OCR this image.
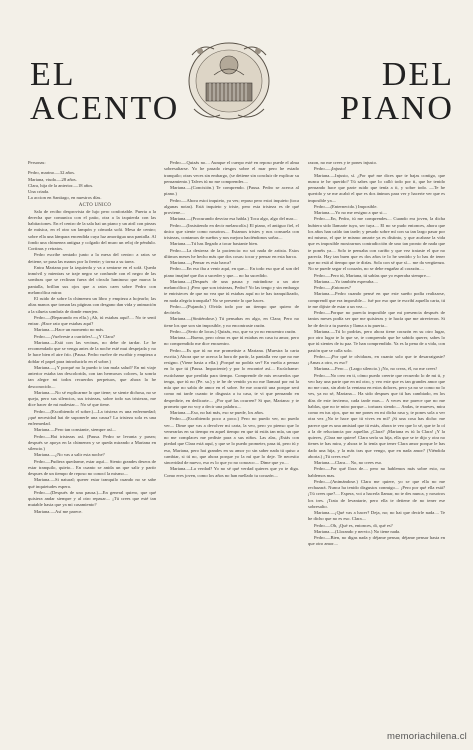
EL ACENTO
DEL PIANO

Personas:

Pedro, marino.—32 años.

Mariana, viuda.—28 años.

Clara, hija de la anterior.—18 años.

Una criada.

La accion en Santiago, en nuestros días.

ACTO UNICO

Sala de recibo desprovista de lujo pero confortable. Puerta a la derecha que comunica con el patio, otra a la izquierda con las habitaciones. En el centro de la sala hai un piano y un atril con piezas de música, en el otro un lampón y cómoda sofá. Mesa de centro; sobre ella una lámpara encendida cuya luz amortigua una pantalla. Al fondo una chimenea antigua y colgado del muro un reloj de péndulo. Cortinas y retratos.

Pedro escribe sentado junto a la mesa del centro: a ratos se detiene, se pasa las manos por la frente; y torna a su tarea.

Entra Mariana por la izquierda y va a sentarse en el sofá. Queda inmóvil y mientras se traje negro se confunde con el negro de las sombras que se reclinan fuera del círculo luminoso que marca la pantalla, brillan sus ojos que a ratos caen sobre Pedro con melancólica mirar.

El ruido de sobre la chimenea un libro y empieza a hojearlo; las altas manos que toman las páginas con desgano dan vida y animación a la silueta sombría de donde emerjen.

Pedro.—(Reparando en ella.) ¡Ah, tú estabas aquí!.... No te sentí entrar. ¡Hace rato que estabas aquí?

Mariana.—Hace un momento no más.

Pedro.—¡Vuelveste a currárles!—¿Y Clara?

Mariana.—Está con las vecinas, no debe de tardar. Le he recomendado que se venga antes de la noche esté mui despejada y no le hace bien el aire frío. (Pausa. Pedro vuelve de escribir y empieza a doblar el papel para introducirlo en el sobre.)

Mariana.—¡Y porqué no la puedo ir tan mala salud? En mi viaje anterior estaba tan descolorida, con tan hermosos colores, la sonría tan alegre mi todos recuerdos perpetuos, que ahora la he desconocido....

Mariana.—No sé explicarme lo que tiene; se siente dichosa, no se queja, pero sus silencios, sus tristezas, sobre todo sus tristezas, me dice hacer de mi malestar.... No sé que tiene.

Pedro.—(Escribiendo el sobre.)—La tristeza es una enfermedad; ¡qué necesidad hai de suponerle una causa? La tristeza sola es una enfermedad.

Mariana.—Pero tan constante, siempre así....

Pedro.—Hai tristezas así. (Pausa. Pedro se levanta y pasea; después se apoya en la chimenea y se queda mirando a Mariana en silencio.)

Mariana.—¿No vas a salir esta noche?

Pedro.—Pudiera quedarme, estar aquí.... Siento grandes deseos de estar tranquilo, quieto... En cuanto se anida un que salir y partir despues de un tiempo de reposo no conocí la mismo....

Mariana.—Si natural; querer estar tranquilo cuando no se sabe qué inquietudes espera.

Pedro.—(Después de una pausa.)—En general quiero, que qué quisiera andar siempre y al otro repasar.... ¡Tú crees que esté tan mutable hasta que ya mi casamiento?

Mariana.—Así me parece.

Pedro.—Quizás no.... Aunque el cuerpo esté en reposo puede el alma sobresaltarse. Yo he pasado riesgos sobre el mar pero he estado tranquilo; otras veces sin embargo, (se detiene sin concluir de explicar su pensamiento.) Talves tú no me comprendes....

Mariana.—(Concisión.) Te comprendo. (Pausa. Pedro se acerca al piano.)

Pedro.—Ahora estoi inquieto, ya ves; repaso pero estoi inquieto (toca algunas notas). Está inquieto y triste, pero esta tristeza es de qué proviene....

Mariana.—(Procurando desviar esa habla.) Toca algo, algo del mar....

Pedro.—(Insistiendo en decir melancolía.) El piano, el antiguo fiel, el único que siente como nosotros.... Estamos tristes y nos consuela con tristezas, contamos de sueños y nos mejora hacíéndonos soñar....

Mariana.—Tú has llegado a tocar bastante bien.

Pedro.—La destreza de la paciencia: no soi nada de artista. Estos últimos meses he hecho más que dos cosas: tocar y pensar en esta barca.

Mariana.—¡Pensar es esta barca?

Pedro.—En eso iba a venir aquí, en que.... En todo eso que al son del piano imajiné que iba a suceder y que.... no ha sucedido.

Mariana.—(Después de una pausa y mirándose a un aire melancólico.) ¡Pero que son tristezas, Pedro? Yo las tengo y sin embargo te entristeces de que no vea que tú estabas aquí no te has tranquilizado, en nada alegría tranquila? No se presente lo que haces.

Pedro.—(Pujando.) Olvida todo por un tiempo que quiero de decírtelo.

Mariana.—(Sintiéndose.) Tú pensabas en algo, en Clara; Pero no tiene los que son sin imposible, y no encontraste razón.

Pedro.—(Serio de locas.) Quizás, eso, que va yo no encuentro razón.

Mariana.—Bueno, pero cómo es que tú estabas en casa tu amor, pero no comprendido me dice encuentro.

Pedro.—Es que tú no me prometiste a Mariana. (Muestra la carta escrita.) Ahora que se acerca la hora de partir, la pantalla vez que no me resigno. (Viene hasta a ella.) ¡Porqué no podría ser? En vuelta a pensar en lo que tú (Pausa. Impaciente) y por lo encontré así.... Escúchame: escúchame que perdida para tiempo. Comprende de mis recuerdos que tengo, que tú no (Pe. sa.) y te he de venido ya no me llamará por mi la mía que no sabía de amor en el sobre. Se me ocurrió una porque será como mi tarde cuanto te disgusta a tu casa, te vi que pensando en despedirte, en dedicarte.... ¿Por qué las ocurren? Si que, Mariana: y te prometo que no voy a decir una palabra....

Mariana.—Eso, no hai más, eso se puede, los años.

Pedro.—(Escribiendo poco a poco.) Pero no puedo ver, no puedo ver.... Dime que vas a devolver mi carta, la veo, pero yo pienso que lo venerarías en su tiempo en aquel tiempo en que tú estás tan mía, un que no me complaces me pediste para a sus niños. Las alas, ¡Estás con piedad que Clara está aquí, y que se lo puedo prometer, pasa tú, pero tú y eso, Mariana, pero hai grandes en su amor yo sin saber nada tú quiso a cambiar, si tú no, que ahora porque yo la mí que lo deje. Te necesito sinceridad de nuevo, eso es lo que yo no conozco.... Dime que yo....

Mariana.—La verdad? Yo no sé qué verdad quieres que yo te diga. Como eres joven, como los años no han mellado tu corazón....

razon, no me crees y te pones injusto.

Pedro.—¡Injusto!

Mariana.—Injusto, sí. ¿Por qué me dices que te bajas contigo, que nunca te he querido? Tú sabes que lo calló todo por ti, que he tenido pensando hace que parte ruido que tenía a ti, y sobre todo. —Te he querido y se me acabó el que es dos ánimos para ver y hacerte ver que es imposible ya....

Pedro.—(Enternecido.) Imposible.

Mariana.—Yo no me resigno a que si....

Pedro.—En, Pedro, tú me comprendes.... Cuando era joven, la dicha hubiera sido llamarte tuya, ser tuya.... El no se pudo entonces, ahora que los años han caído tan tarde; y pesado sobre mí con su tan largo pasar por mí mismo, el que te mismo amarte ya es distinto, y que acabase la vida que es imposible mostrarnos contradicción de uno tan pronto de nada que te ponéis ya.... Solo te pensaba con cariño y que vez trataste el que no parecía. Hay tan buen que es dos años te lo he sentido y lo has de tener que no está al tiempo que te dirías. Sola con sé que sí.... me da vergüenza. No se puede segar el corazón, no se debe engañar al corazón....

Pedro.—Pero tú, Mariana, tú sabías que yo esperaba siempre....

Mariana.—Yo también esperaba....

Pedro.—¡Entonces?

Mariana.—Pedro cuando pensé en que este sueño podía realizarse, comprendí que era imposible.... fué por eso que te escribí aquella carta, tú te me dijiste de estar a un vez....

Pedro.—Porque no parecía imposible que mi presencia después de tantos meses podía ser que me quisieras y te hacía que me atrevieron. Si he de decir a tu puerta y llama a tu puerta...

Mariana.—Tú lo podrías, pero ahora tiene corazón en su otro lugar, por otro lugar te lo que se, te comprendo que he sabido querer, sabes lo que tú sientes de tu paz. Te han comprendido. Ya es la pena de a vida, con pasión que se calla solo.

Pedro.—¡Por qué te olvidaras, en cuanto solo que te desarraigaste? ¡Amas a otro, es eso?

Mariana.—Pero.... (Largo silencio.) ¡No, no creas, él, no me crees!

Pedro.—No creo en ti, cómo puedo creerte que recuerdo lo de mi ti, y veo hay una parte que en mí otro, y veo este que es tan grandes amor que no me cura, sin abrir la ventana en estos dolores, pero ya no se como no lo ves, ya no sé, Mariana.... Ha sido despues que tú has cambiado, en los días de este invierno, cada tarde mas.... A veces me parece que no me hablas, que no te miro porque... torturas siendo.... Andas, te mueves, mira como en tus ojos, que no me pones en mi dicha rasa y, te pones sola a ver otra vez ¿No te hace que tú vives en mí? ¡Si una cosa has dicho: me parece que es una amistad que tú estás, ahora te veo que lo sé, que te lo oí a la de reluctancia por aquellas ¿Clara? ¡Mariana es tú la Clara! ¡Y la quieres, ¡Clara me quiere! Clara sería su hija, ella que se te dijo y otra no tienes te has mira, y ahora te lo tenía que tener Clara amor porque le has dado una hija, y la más tras que vengo, que en nada amor? (Viéndola aborta.) ¡Tú crees eso?

Mariana.—Clara.... No, no crees eso.

Pedro.—Por qué llora de.... pero no hablemos más sobre esto, no hablemos mas.

Pedro.—(Animándose.) Clara me quiere, yo se que ella no me rechazará. Nunca ha tenido disgustos conmigo.... ¡Pero por qué ella está? ¡Tú crees que?.... Espera, voi a hacerla llamar, no te des nunca, y nosotros los tres. ¡Trata de levantarte, pero ella te detiene de no tener ese sobresalto.

Mariana.—¡Qué vas a hacer? Deja, no; no hai que decirle nada.... Te he dicho que no es eso. Clara....

Pedro.—Oh, ¡Qué es, entonces, di, qué es?

Mariana.—(Llorando y nervio.) No tiene nada.

Pedro.—Bien, no digas nada y déjame pensar, déjame pensar hasta en que otro amor....

memoriachilena.cl
